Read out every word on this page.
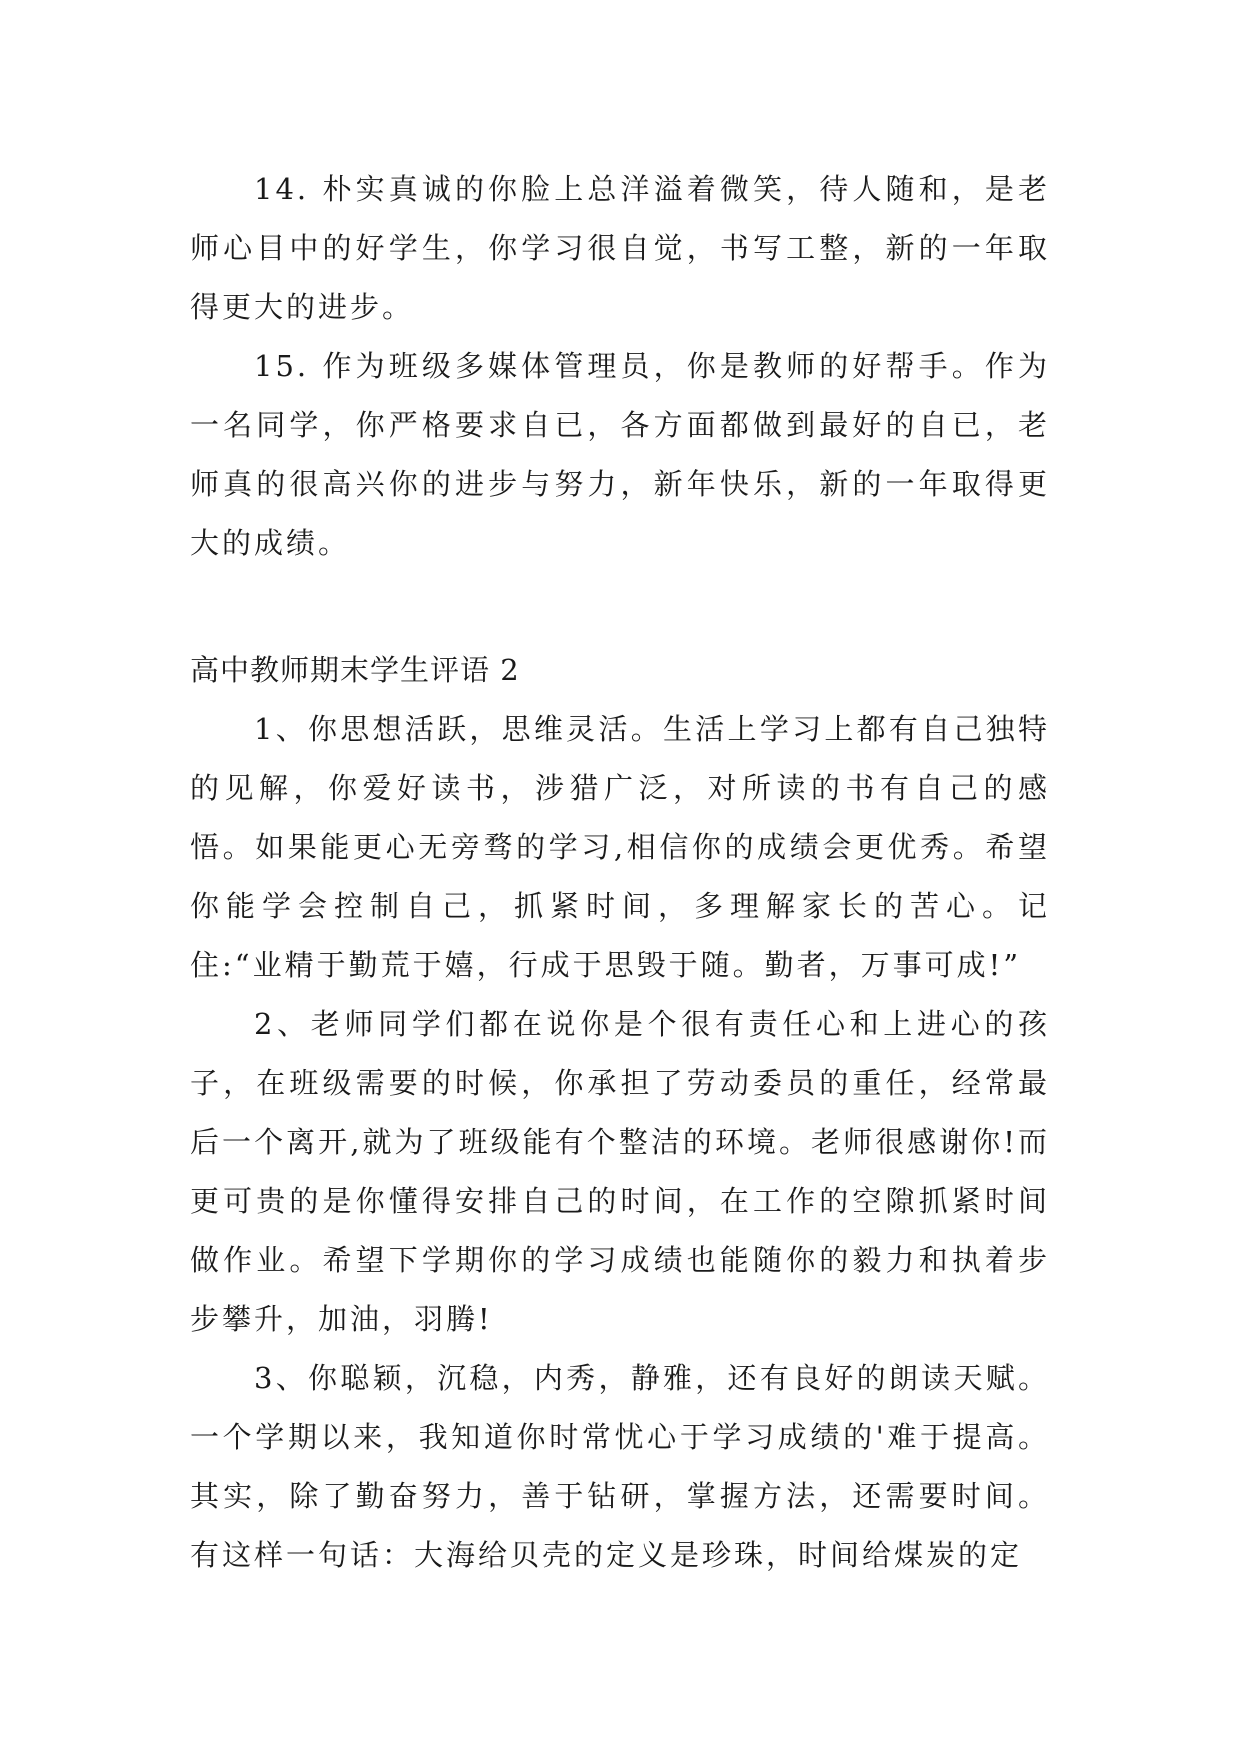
14. 朴实真诚的你脸上总洋溢着微笑，待人随和，是老师心目中的好学生，你学习很自觉，书写工整，新的一年取得更大的进步。

15. 作为班级多媒体管理员，你是教师的好帮手。作为一名同学，你严格要求自已，各方面都做到最好的自已，老师真的很高兴你的进步与努力，新年快乐，新的一年取得更大的成绩。

高中教师期末学生评语 2

1、你思想活跃，思维灵活。生活上学习上都有自己独特的见解，你爱好读书，涉猎广泛，对所读的书有自己的感悟。如果能更心无旁骛的学习,相信你的成绩会更优秀。希望你能学会控制自己，抓紧时间，多理解家长的苦心。记住:“业精于勤荒于嬉，行成于思毁于随。勤者，万事可成!”

2、老师同学们都在说你是个很有责任心和上进心的孩子，在班级需要的时候，你承担了劳动委员的重任，经常最后一个离开,就为了班级能有个整洁的环境。老师很感谢你!而更可贵的是你懂得安排自己的时间，在工作的空隙抓紧时间做作业。希望下学期你的学习成绩也能随你的毅力和执着步步攀升，加油，羽腾!

3、你聪颖，沉稳，内秀，静雅，还有良好的朗读天赋。一个学期以来，我知道你时常忧心于学习成绩的'难于提高。其实，除了勤奋努力，善于钻研，掌握方法，还需要时间。有这样一句话：大海给贝壳的定义是珍珠，时间给煤炭的定
